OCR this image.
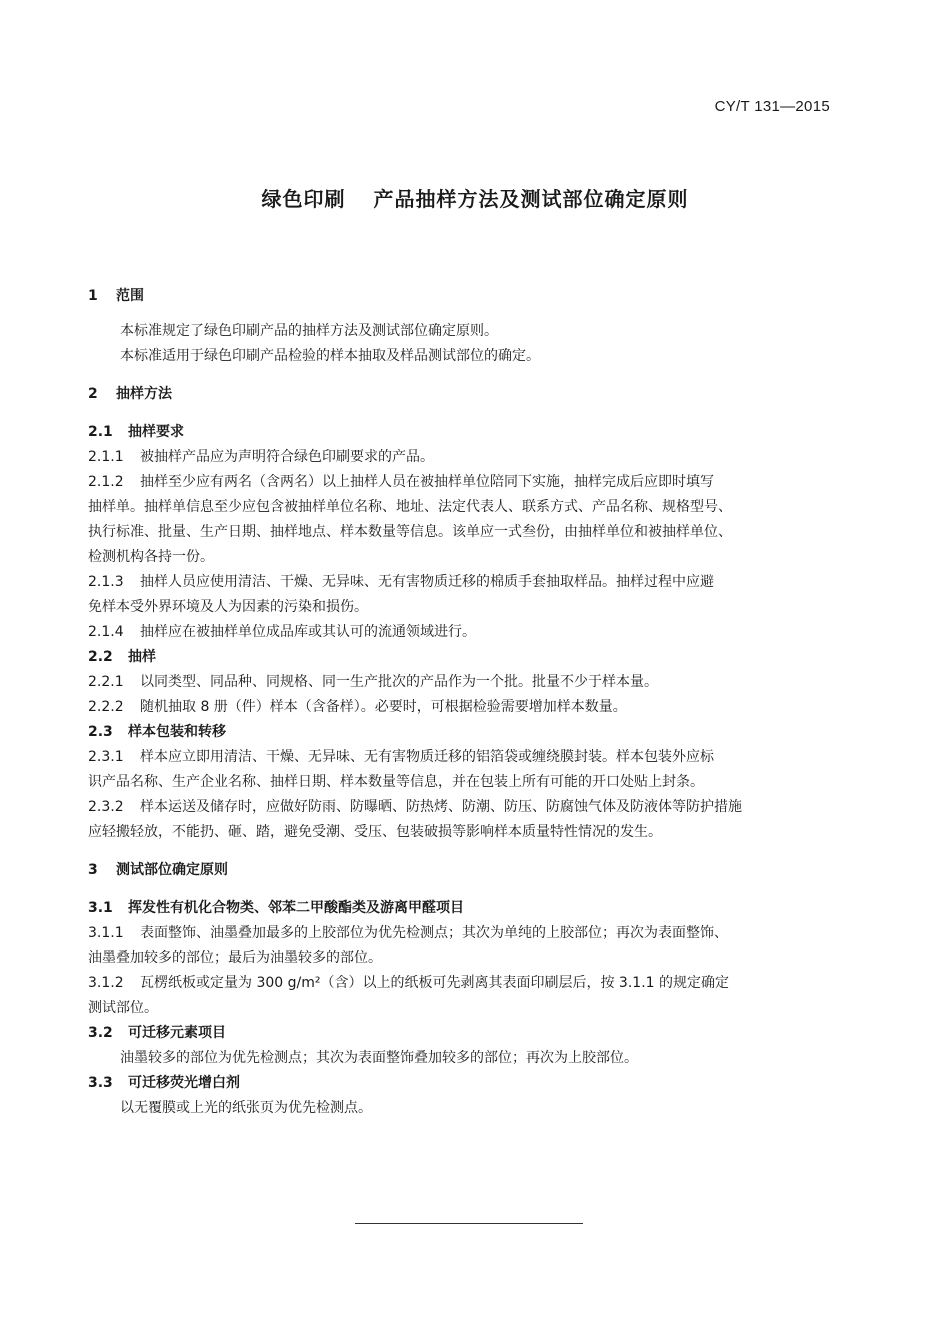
CY/T 131—2015
绿色印刷 产品抽样方法及测试部位确定原则
1 范围
本标准规定了绿色印刷产品的抽样方法及测试部位确定原则。
本标准适用于绿色印刷产品检验的样本抽取及样品测试部位的确定。
2 抽样方法
2.1 抽样要求
2.1.1 被抽样产品应为声明符合绿色印刷要求的产品。
2.1.2 抽样至少应有两名（含两名）以上抽样人员在被抽样单位陪同下实施，抽样完成后应即时填写
抽样单。抽样单信息至少应包含被抽样单位名称、地址、法定代表人、联系方式、产品名称、规格型号、
执行标准、批量、生产日期、抽样地点、样本数量等信息。该单应一式叁份，由抽样单位和被抽样单位、
检测机构各持一份。
2.1.3 抽样人员应使用清洁、干燥、无异味、无有害物质迁移的棉质手套抽取样品。抽样过程中应避
免样本受外界环境及人为因素的污染和损伤。
2.1.4 抽样应在被抽样单位成品库或其认可的流通领域进行。
2.2 抽样
2.2.1 以同类型、同品种、同规格、同一生产批次的产品作为一个批。批量不少于样本量。
2.2.2 随机抽取 8 册（件）样本（含备样）。必要时，可根据检验需要增加样本数量。
2.3 样本包装和转移
2.3.1 样本应立即用清洁、干燥、无异味、无有害物质迁移的铝箔袋或缠绕膜封装。样本包装外应标
识产品名称、生产企业名称、抽样日期、样本数量等信息，并在包装上所有可能的开口处贴上封条。
2.3.2 样本运送及储存时，应做好防雨、防曝晒、防热烤、防潮、防压、防腐蚀气体及防液体等防护措施
应轻搬轻放，不能扔、砸、踏，避免受潮、受压、包装破损等影响样本质量特性情况的发生。
3 测试部位确定原则
3.1 挥发性有机化合物类、邻苯二甲酸酯类及游离甲醛项目
3.1.1 表面整饰、油墨叠加最多的上胶部位为优先检测点；其次为单纯的上胶部位；再次为表面整饰、
油墨叠加较多的部位；最后为油墨较多的部位。
3.1.2 瓦楞纸板或定量为 300 g/m²（含）以上的纸板可先剥离其表面印刷层后，按 3.1.1 的规定确定
测试部位。
3.2 可迁移元素项目
油墨较多的部位为优先检测点；其次为表面整饰叠加较多的部位；再次为上胶部位。
3.3 可迁移荧光增白剂
以无覆膜或上光的纸张页为优先检测点。
